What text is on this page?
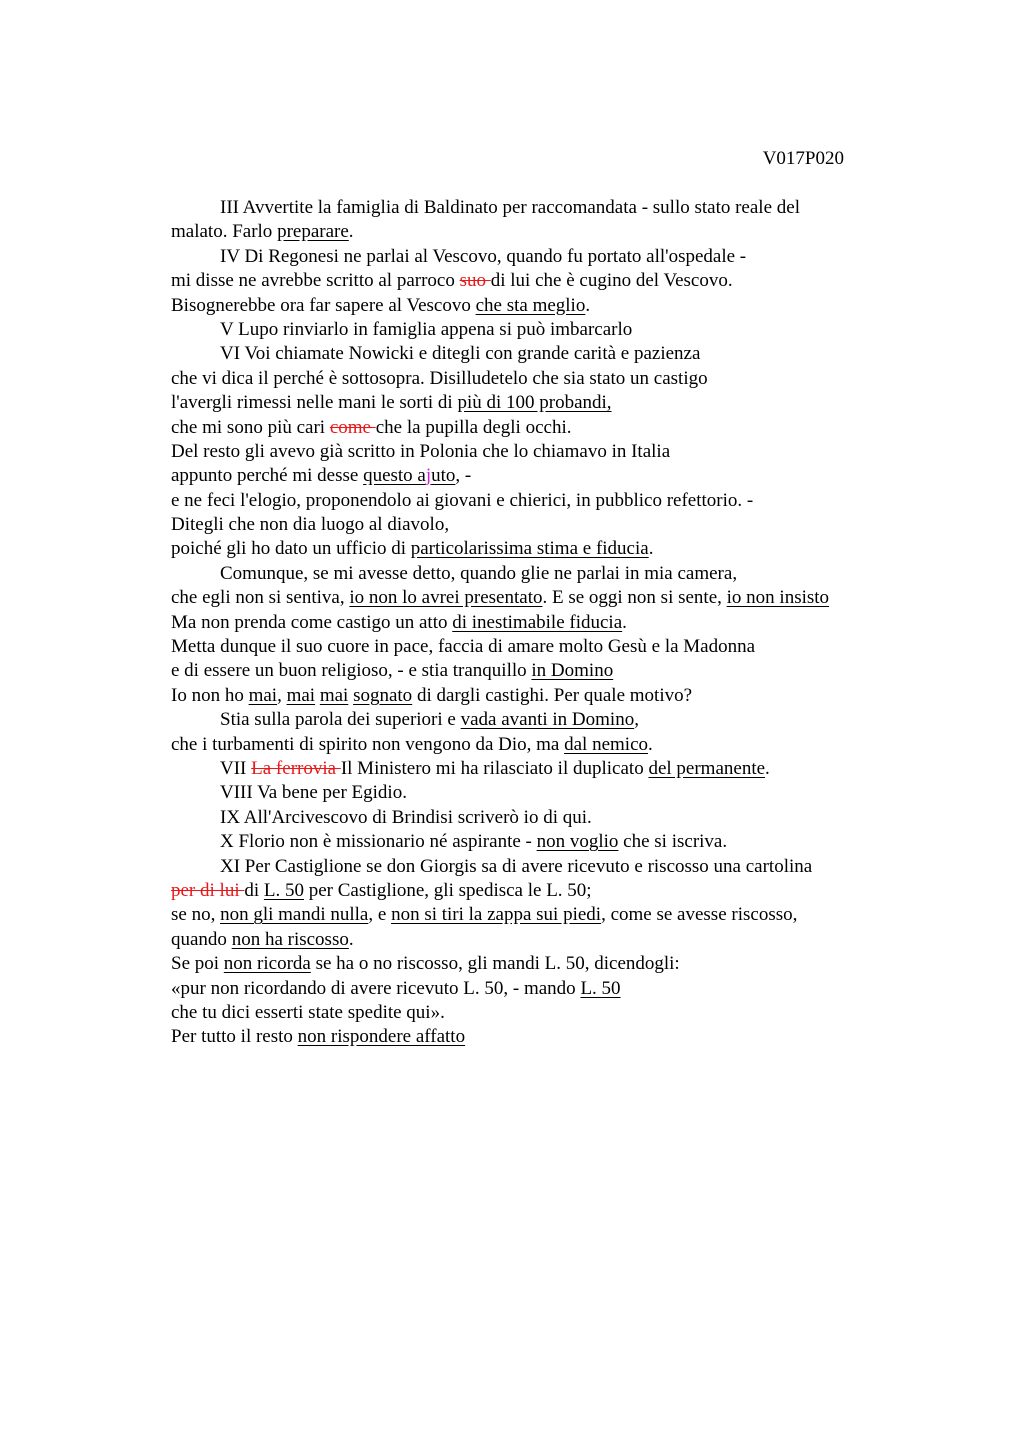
V017P020
III Avvertite la famiglia di Baldinato per raccomandata - sullo stato reale del
malato. Farlo preparare.
IV Di Regonesi ne parlai al Vescovo, quando fu portato all'ospedale -
mi disse ne avrebbe scritto al parroco suo di lui che è cugino del Vescovo.
Bisognerebbe ora far sapere al Vescovo che sta meglio.
V Lupo rinviarlo in famiglia appena si può imbarcarlo
VI Voi chiamate Nowicki e ditegli con grande carità e pazienza
che vi dica il perché è sottosopra. Disilludetelo che sia stato un castigo
l'avergli rimessi nelle mani le sorti di più di 100 probandi,
che mi sono più cari come che la pupilla degli occhi.
Del resto gli avevo già scritto in Polonia che lo chiamavo in Italia
appunto perché mi desse questo ajuto, -
e ne feci l'elogio, proponendolo ai giovani e chierici, in pubblico refettorio. -
Ditegli che non dia luogo al diavolo,
poiché gli ho dato un ufficio di particolarissima stima e fiducia.
Comunque, se mi avesse detto, quando glie ne parlai in mia camera,
che egli non si sentiva, io non lo avrei presentato. E se oggi non si sente, io non insisto
Ma non prenda come castigo un atto di inestimabile fiducia.
Metta dunque il suo cuore in pace, faccia di amare molto Gesù e la Madonna
e di essere un buon religioso, - e stia tranquillo in Domino
Io non ho mai, mai mai sognato di dargli castighi. Per quale motivo?
Stia sulla parola dei superiori e vada avanti in Domino,
che i turbamenti di spirito non vengono da Dio, ma dal nemico.
VII La ferrovia Il Ministero mi ha rilasciato il duplicato del permanente.
VIII Va bene per Egidio.
IX All'Arcivescovo di Brindisi scriverò io di qui.
X Florio non è missionario né aspirante - non voglio che si iscriva.
XI Per Castiglione se don Giorgis sa di avere ricevuto e riscosso una cartolina
per di lui di L. 50 per Castiglione, gli spedisca le L. 50;
se no, non gli mandi nulla, e non si tiri la zappa sui piedi, come se avesse riscosso,
quando non ha riscosso.
Se poi non ricorda se ha o no riscosso, gli mandi L. 50, dicendogli:
«pur non ricordando di avere ricevuto L. 50, - mando L. 50
che tu dici esserti state spedite qui».
Per tutto il resto non rispondere affatto
